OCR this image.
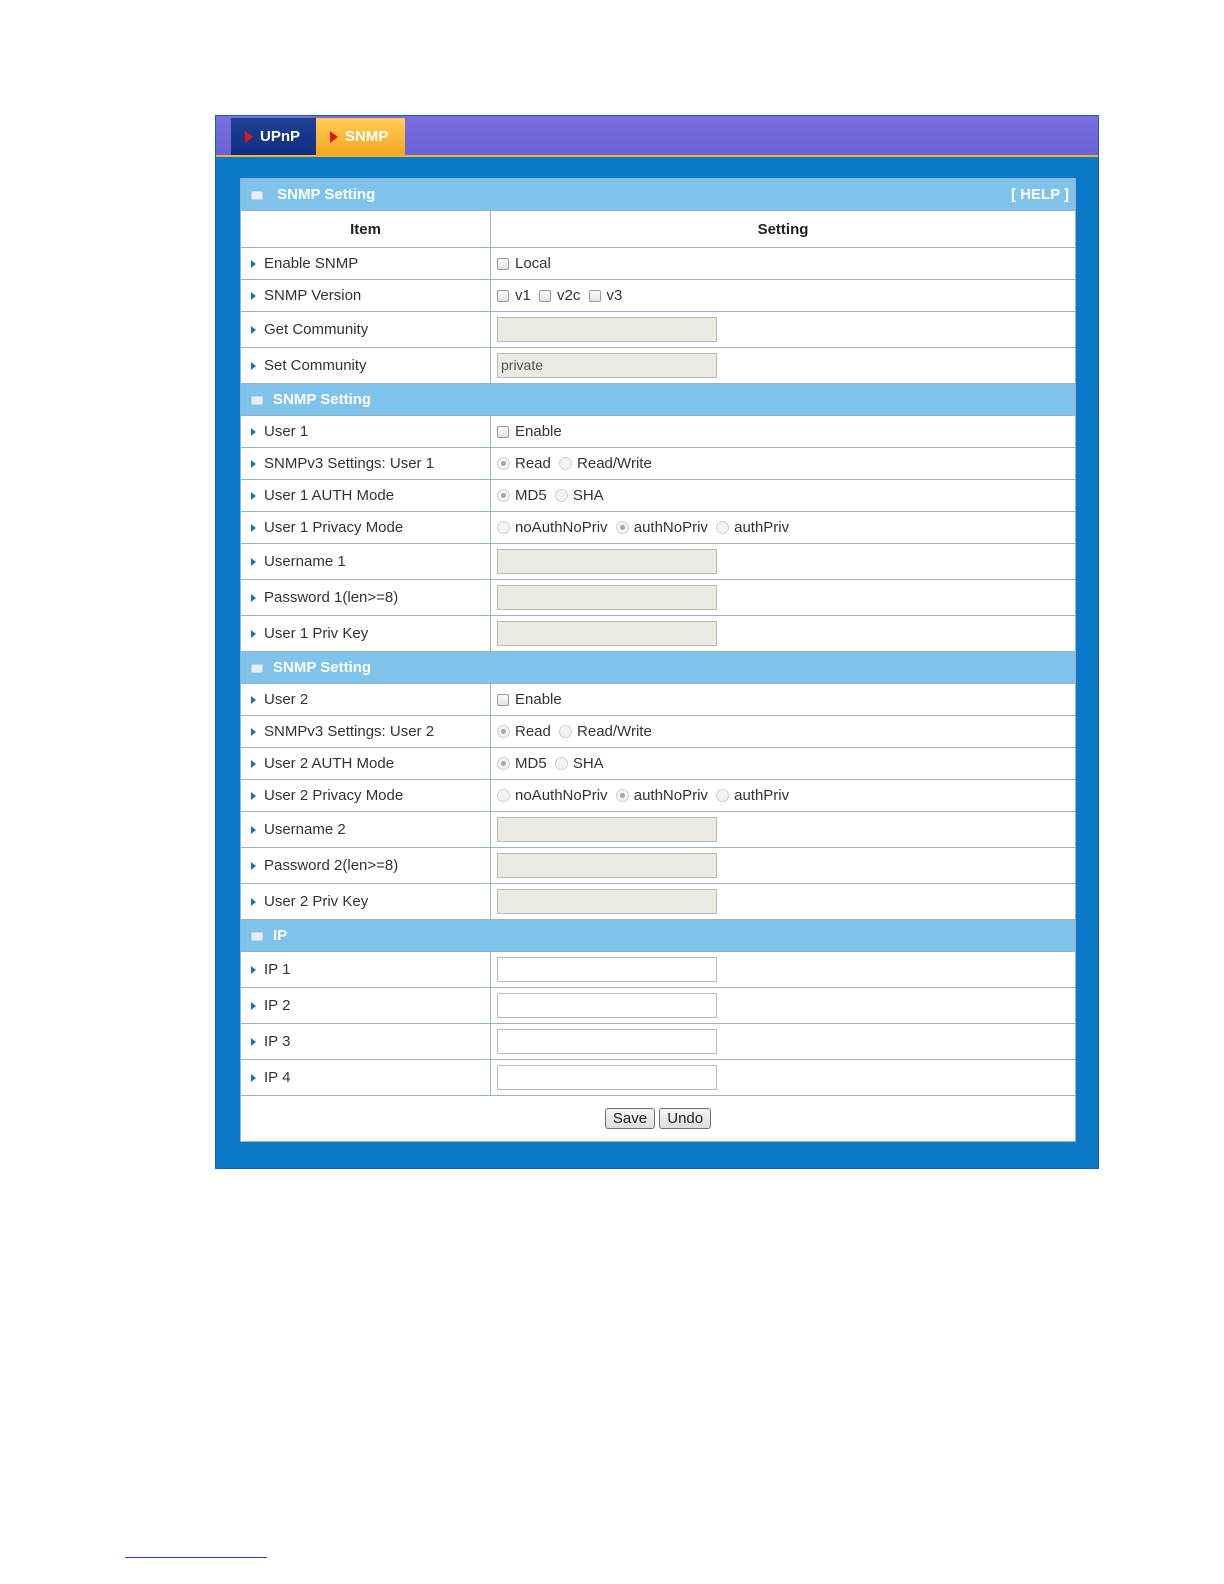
UPnP	SNMP
SNMP Setting [ HELP ]	

Item	Setting
Enable SNMP	Local
SNMP Version	v1 v2c v3
Get Community	
Set Community	private
SNMP Setting	
User 1	Enable
SNMPv3 Settings: User 1	Read Read/Write
User 1 AUTH Mode	MD5 SHA
User 1 Privacy Mode	noAuthNoPriv authNoPriv authPriv
Username 1	
Password 1(len>=8)	
User 1 Priv Key	
SNMP Setting	
User 2	Enable
SNMPv3 Settings: User 2	Read Read/Write
User 2 AUTH Mode	MD5 SHA
User 2 Privacy Mode	noAuthNoPriv authNoPriv authPriv
Username 2	
Password 2(len>=8)	
User 2 Priv Key	
IP	
IP 1	
IP 2	
IP 3	
IP 4	
Save Undo	
